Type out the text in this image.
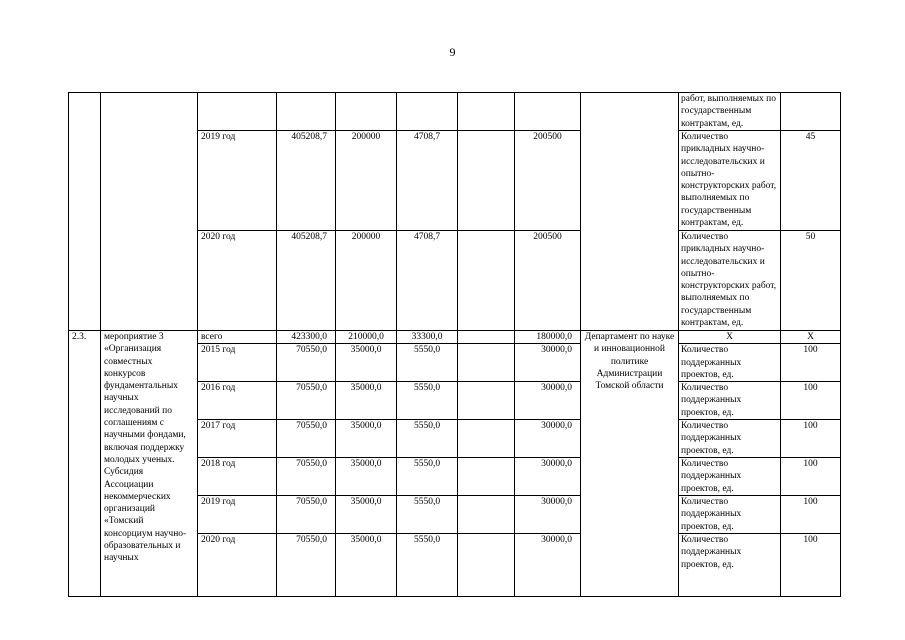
9
									работ, выполняемых по государственным контрактам, ед.	
		2019 год	405208,7	200000	4708,7		200500		Количество прикладных научно-исследовательских и опытно-конструкторских работ, выполняемых по государственным контрактам, ед.	45
		2020 год	405208,7	200000	4708,7		200500		Количество прикладных научно-исследовательских и опытно-конструкторских работ, выполняемых по государственным контрактам, ед.	50
2.3.	мероприятие 3 «Организация совместных конкурсов фундаментальных научных исследований по соглашениям с научными фондами, включая поддержку молодых ученых. Субсидия Ассоциации некоммерческих организаций «Томский консорциум научно-образовательных и научных	всего	423300,0	210000,0	33300,0		180000,0	Департамент по науке и инновационной политике Администрации Томской области	Х	Х
		2015 год	70550,0	35000,0	5550,0		30000,0		Количество поддержанных проектов, ед.	100
		2016 год	70550,0	35000,0	5550,0		30000,0		Количество поддержанных проектов, ед.	100
		2017 год	70550,0	35000,0	5550,0		30000,0		Количество поддержанных проектов, ед.	100
		2018 год	70550,0	35000,0	5550,0		30000,0		Количество поддержанных проектов, ед.	100
		2019 год	70550,0	35000,0	5550,0		30000,0		Количество поддержанных проектов, ед.	100
		2020 год	70550,0	35000,0	5550,0		30000,0		Количество поддержанных проектов, ед.	100
